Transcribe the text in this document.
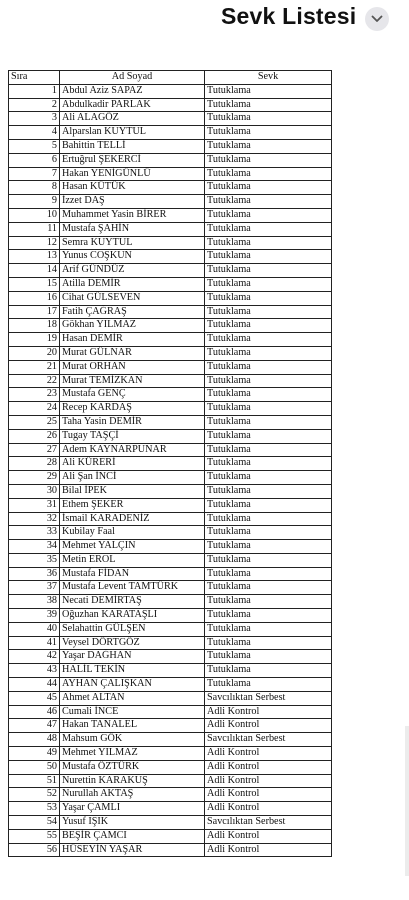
Sevk Listesi
Sıra	Ad Soyad	Sevk
1	Abdul Aziz SAPAZ	Tutuklama
2	Abdulkadir PARLAK	Tutuklama
3	Ali ALAGÖZ	Tutuklama
4	Alparslan KUYTUL	Tutuklama
5	Bahittin TELLİ	Tutuklama
6	Ertuğrul ŞEKERCİ	Tutuklama
7	Hakan YENİGÜNLÜ	Tutuklama
8	Hasan KÜTÜK	Tutuklama
9	İzzet DAŞ	Tutuklama
10	Muhammet Yasin BİRER	Tutuklama
11	Mustafa ŞAHİN	Tutuklama
12	Semra KUYTUL	Tutuklama
13	Yunus COŞKUN	Tutuklama
14	Arif GÜNDÜZ	Tutuklama
15	Atilla DEMİR	Tutuklama
16	Cihat GÜLSEVEN	Tutuklama
17	Fatih ÇAĞRAŞ	Tutuklama
18	Gökhan YILMAZ	Tutuklama
19	Hasan DEMİR	Tutuklama
20	Murat GÜLNAR	Tutuklama
21	Murat ORHAN	Tutuklama
22	Murat TEMİZKAN	Tutuklama
23	Mustafa GENÇ	Tutuklama
24	Recep KARDAŞ	Tutuklama
25	Taha Yasin DEMİR	Tutuklama
26	Tugay TAŞÇİ	Tutuklama
27	Adem KAYNARPUNAR	Tutuklama
28	Ali KÜRERİ	Tutuklama
29	Ali Şan İNCİ	Tutuklama
30	Bilal İPEK	Tutuklama
31	Ethem ŞEKER	Tutuklama
32	İsmail KARADENİZ	Tutuklama
33	Kubilay Faal	Tutuklama
34	Mehmet YALÇIN	Tutuklama
35	Metin EROL	Tutuklama
36	Mustafa FİDAN	Tutuklama
37	Mustafa Levent TAMTÜRK	Tutuklama
38	Necati DEMİRTAŞ	Tutuklama
39	Oğuzhan KARATAŞLI	Tutuklama
40	Selahattin GÜLŞEN	Tutuklama
41	Veysel DÖRTGÖZ	Tutuklama
42	Yaşar DAĞHAN	Tutuklama
43	HALİL TEKİN	Tutuklama
44	AYHAN ÇALIŞKAN	Tutuklama
45	Ahmet ALTAN	Savcılıktan Serbest
46	Cumali İNCE	Adli Kontrol
47	Hakan TANALEL	Adli Kontrol
48	Mahsum GÖK	Savcılıktan Serbest
49	Mehmet YILMAZ	Adli Kontrol
50	Mustafa ÖZTÜRK	Adli Kontrol
51	Nurettin KARAKUŞ	Adli Kontrol
52	Nurullah AKTAŞ	Adli Kontrol
53	Yaşar ÇAMLI	Adli Kontrol
54	Yusuf IŞIK	Savcılıktan Serbest
55	BEŞİR ÇAMCI	Adli Kontrol
56	HÜSEYİN YAŞAR	Adli Kontrol
